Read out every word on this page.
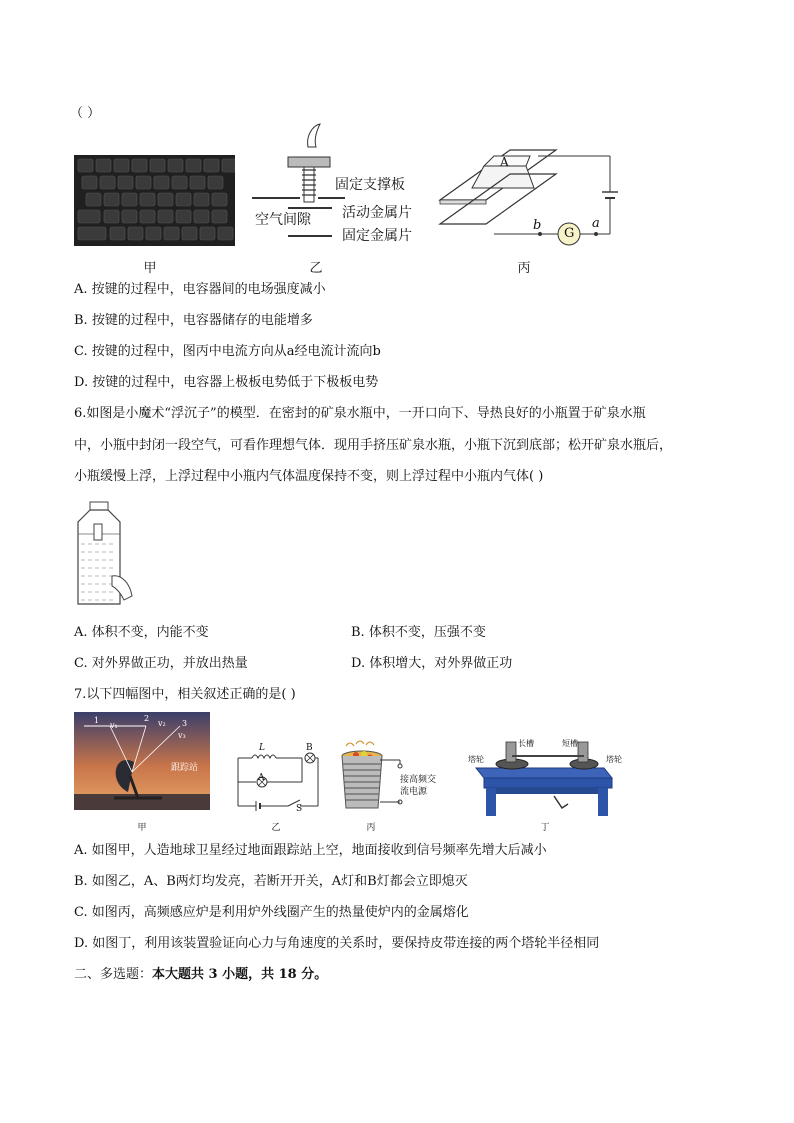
（ ）
甲
固定支撑板
空气间隙 活动金属片
固定金属片
乙
A
G
b	a
丙
A. 按键的过程中，电容器间的电场强度减小
B. 按键的过程中，电容器储存的电能增多
C. 按键的过程中，图丙中电流方向从a经电流计流向b
D. 按键的过程中，电容器上极板电势低于下极板电势
6.如图是小魔术“浮沉子”的模型．在密封的矿泉水瓶中，一开口向下、导热良好的小瓶置于矿泉水瓶
中，小瓶中封闭一段空气，可看作理想气体．现用手挤压矿泉水瓶，小瓶下沉到底部；松开矿泉水瓶后，
小瓶缓慢上浮，上浮过程中小瓶内气体温度保持不变，则上浮过程中小瓶内气体( )
A. 体积不变，内能不变	B. 体积不变，压强不变
C. 对外界做正功，并放出热量	D. 体积增大，对外界做正功
7.以下四幅图中，相关叙述正确的是( )
跟踪站
1	2
3
v₁	v₂
v₃
甲
L	B
A
S
乙
接高频交
流电源
丙
塔轮
长槽	短槽
塔轮
丁
A. 如图甲，人造地球卫星经过地面跟踪站上空，地面接收到信号频率先增大后减小
B. 如图乙，A、B两灯均发亮，若断开开关，A灯和B灯都会立即熄灭
C. 如图丙，高频感应炉是利用炉外线圈产生的热量使炉内的金属熔化
D. 如图丁，利用该装置验证向心力与角速度的关系时，要保持皮带连接的两个塔轮半径相同
二、多选题：本大题共 3 小题，共 18 分。
